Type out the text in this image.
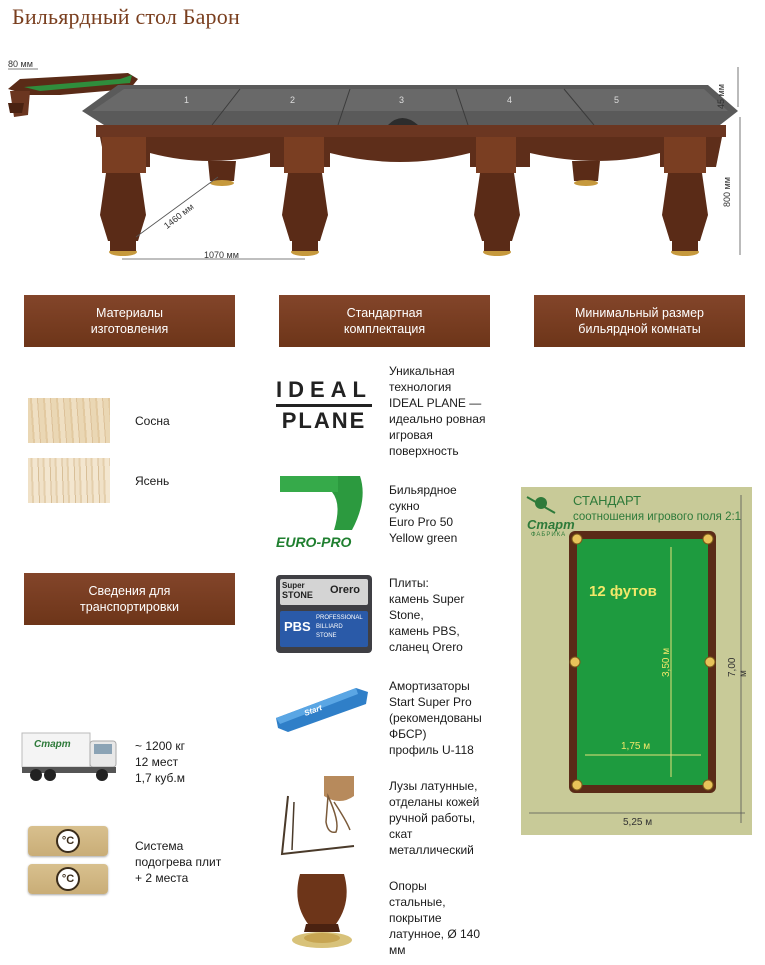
Бильярдный стол Барон
80 мм
1	2	3	4	5	45 мм
800 мм
1460 мм
1070 мм
Материалы
изготовления
Стандартная
комплектация
Минимальный размер
бильярдной комнаты
Сведения для
транспортировки
Сосна
Ясень
Старт	~ 1200 кг
12 мест
1,7 куб.м
°C
°C
Система
подогрева плит
+ 2 места
IDEAL
PLANE
Уникальная
технология
IDEAL PLANE —
идеально ровная
игровая
поверхность
EURO-PRO
Бильярдное
сукно
Euro Pro 50
Yellow green
Super
STONE Orero
PBS
PROFESSIONAL
BILLIARD
STONE
Плиты:
камень Super
Stone,
камень PBS,
сланец Orero
Start
Амортизаторы
Start Super Pro
(рекомендованы
ФБСР)
профиль U-118
Лузы латунные,
отделаны кожей
ручной работы,
скат
металлический
Опоры
стальные,
покрытие
латунное, Ø 140
мм
Старт
ФАБРИКА
СТАНДАРТ
соотношения игрового поля 2:1
12 футов
3,50 м
1,75 м
7,00 м
5,25 м
